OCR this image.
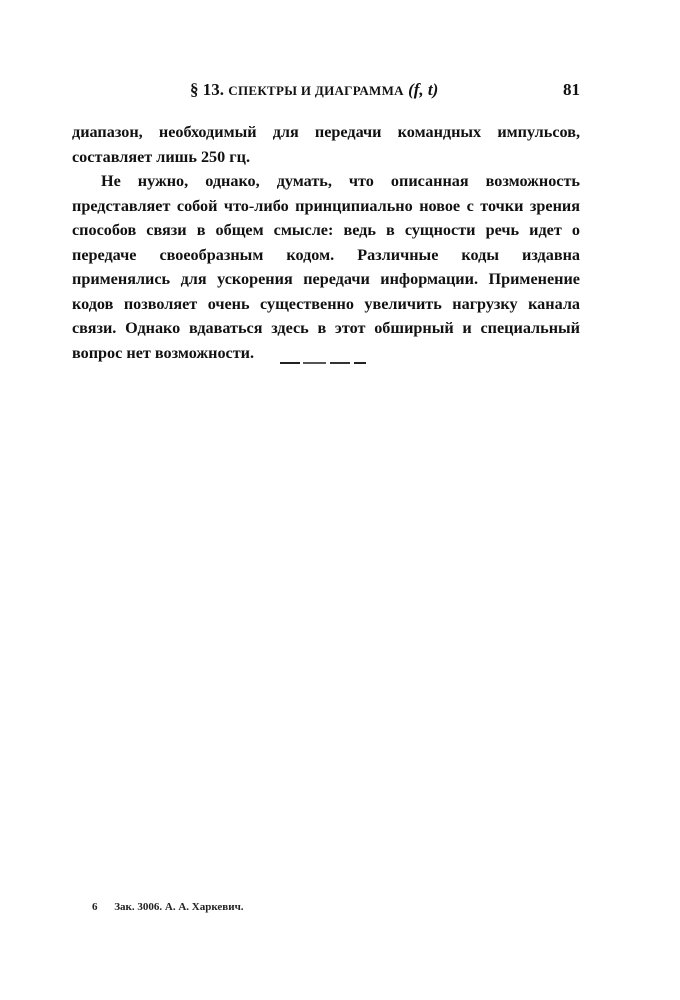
§ 13. СПЕКТРЫ И ДИАГРАММА (f, t)	81

диапазон, необходимый для передачи командных импульсов, составляет лишь 250 гц.

Не нужно, однако, думать, что описанная возможность представляет собой что-либо принципиально новое с точки зрения способов связи в общем смысле: ведь в сущности речь идет о передаче своеобразным кодом. Различные коды издавна применялись для ускорения передачи информации. Применение кодов позволяет очень существенно увеличить нагрузку канала связи. Однако вдаваться здесь в этот обширный и специальный вопрос нет возможности.

6 Зак. 3006. А. А. Харкевич.
